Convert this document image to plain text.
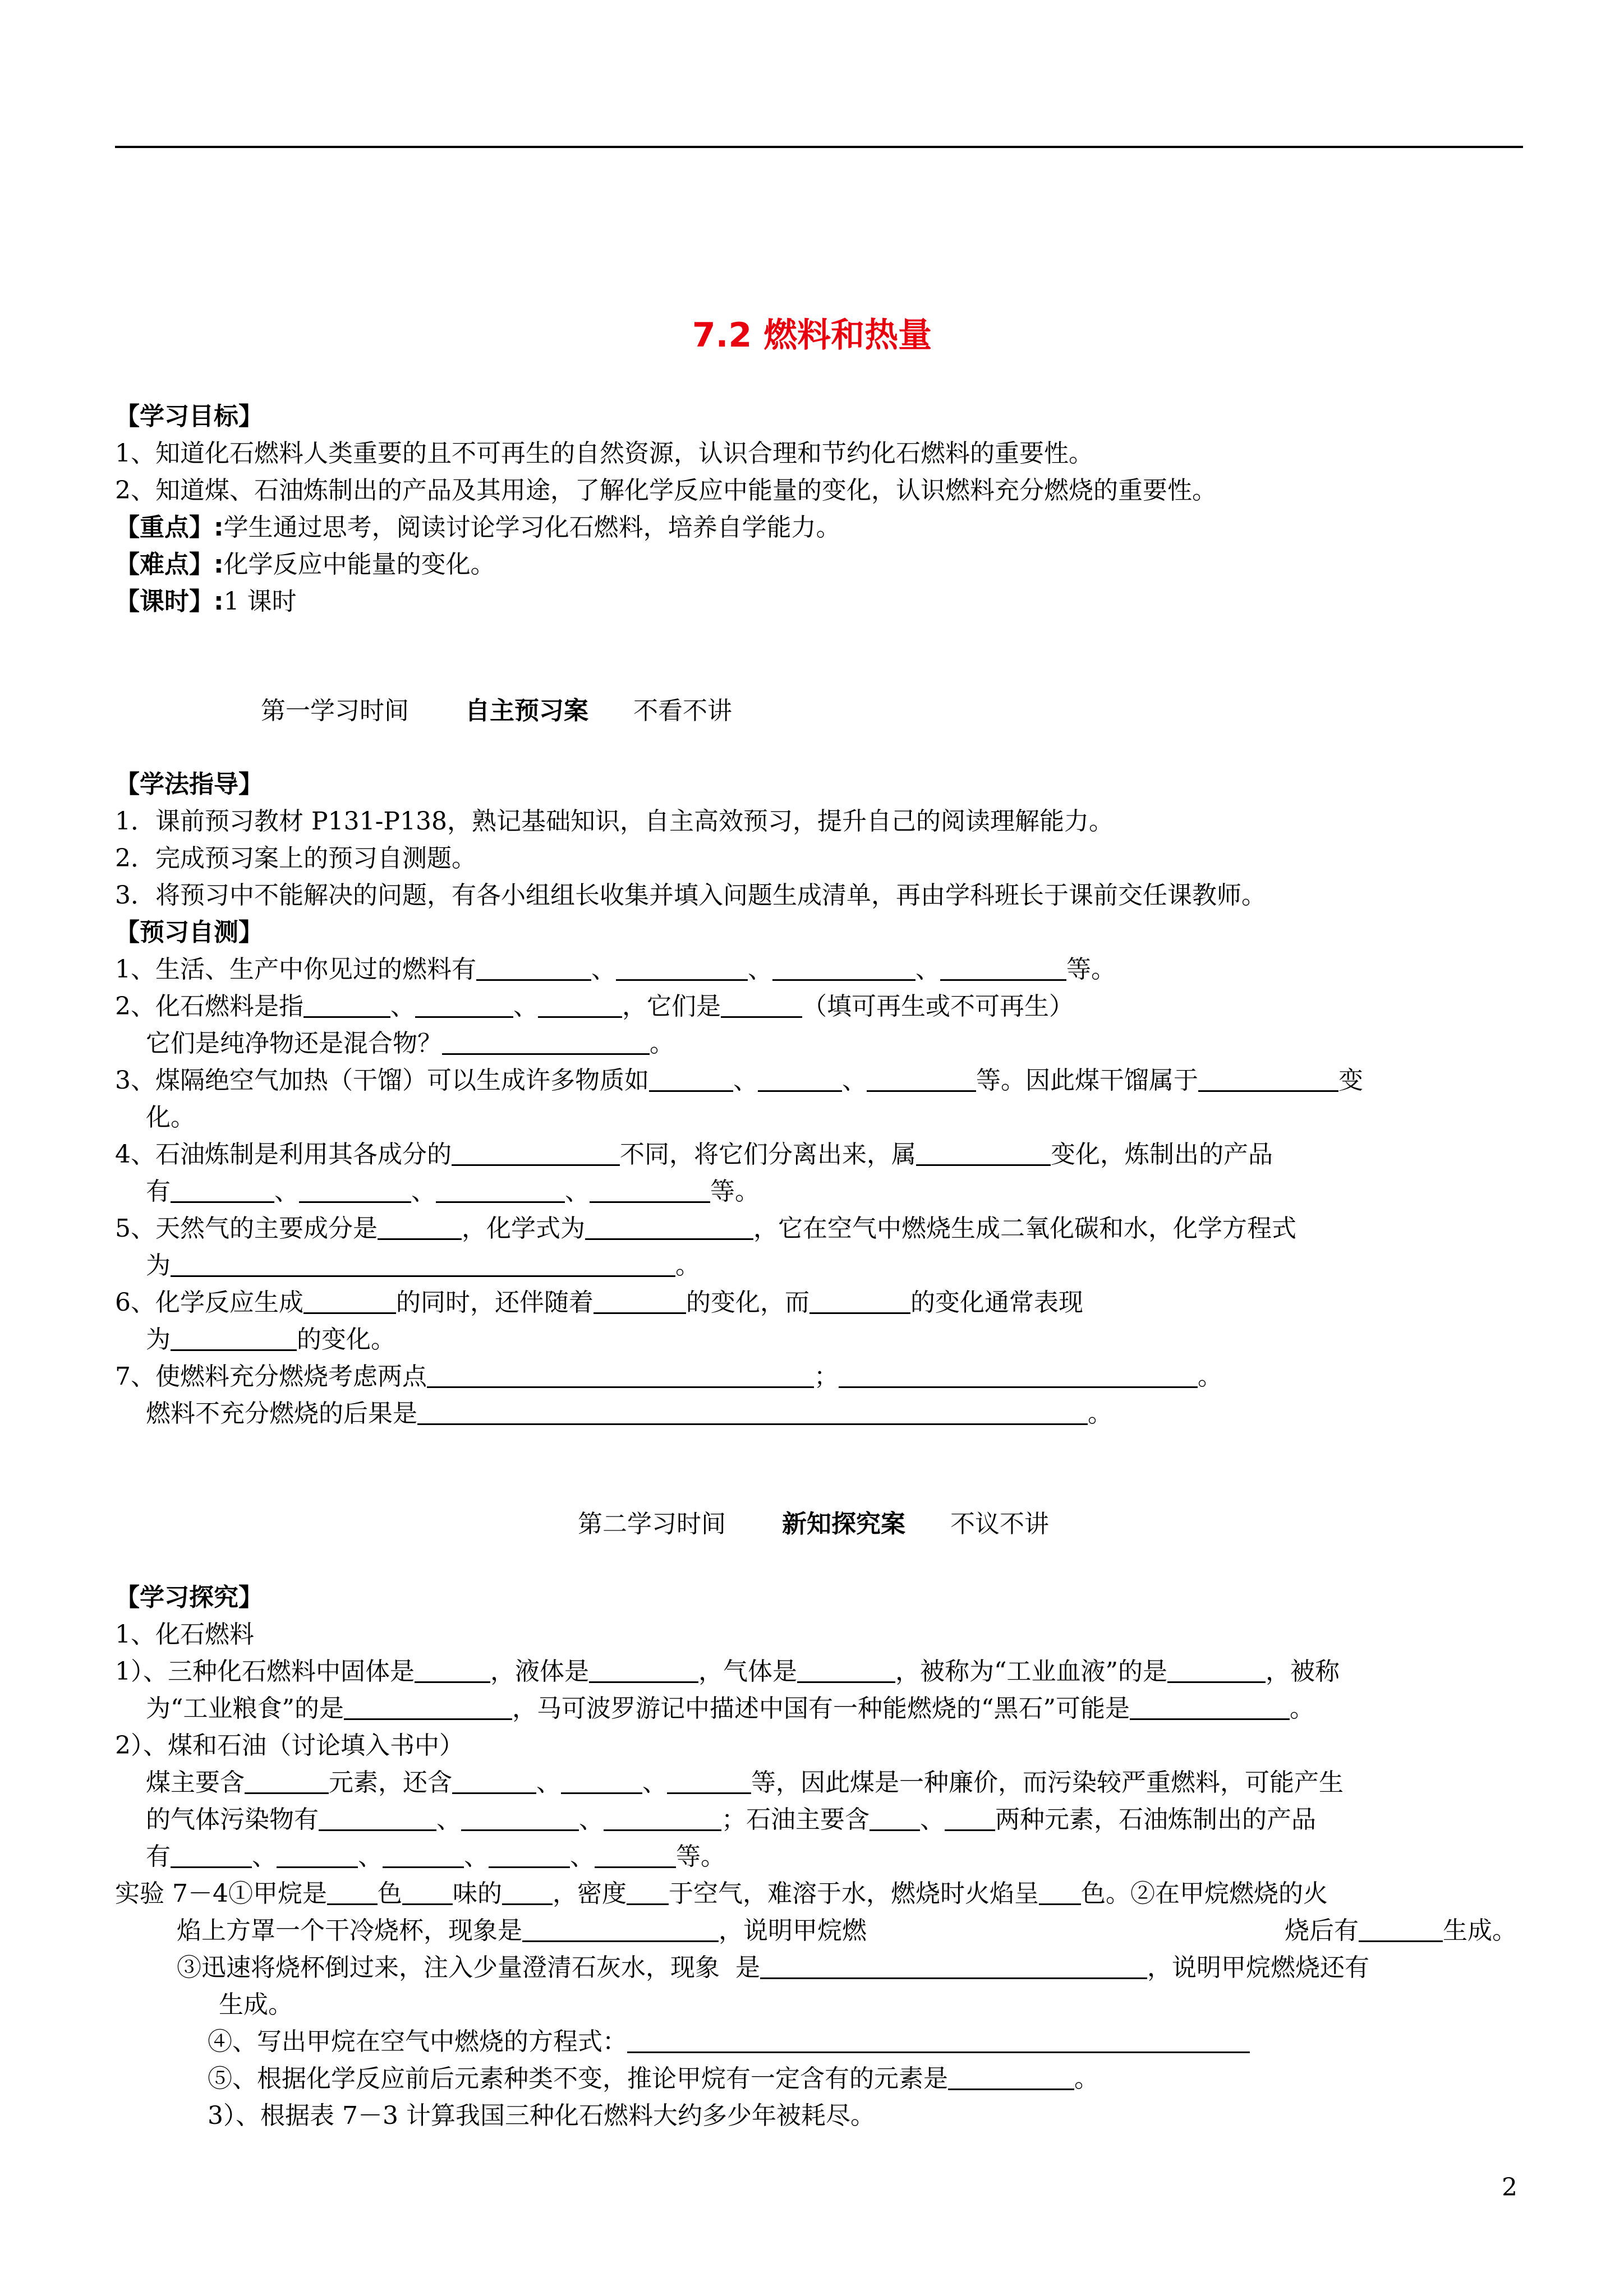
7.2 燃料和热量
【学习目标】
1、知道化石燃料人类重要的且不可再生的自然资源，认识合理和节约化石燃料的重要性。
2、知道煤、石油炼制出的产品及其用途，了解化学反应中能量的变化，认识燃料充分燃烧的重要性。
【重点】:学生通过思考，阅读讨论学习化石燃料，培养自学能力。
【难点】:化学反应中能量的变化。
【课时】:1 课时
第一学习时间 自主预习案 不看不讲
【学法指导】
1．课前预习教材 P131-P138，熟记基础知识，自主高效预习，提升自己的阅读理解能力。
2．完成预习案上的预习自测题。
3．将预习中不能解决的问题，有各小组组长收集并填入问题生成清单，再由学科班长于课前交任课教师。
【预习自测】
1、生活、生产中你见过的燃料有	、	、	、	等。
2、化石燃料是指	、	、	，它们是	（填可再生或不可再生）
它们是纯净物还是混合物？	。
3、煤隔绝空气加热（干馏）可以生成许多物质如	、	、	等。因此煤干馏属于	变
化。
4、石油炼制是利用其各成分的	不同，将它们分离出来，属	变化，炼制出的产品
有	、	、	、	等。
5、天然气的主要成分是	，化学式为	，它在空气中燃烧生成二氧化碳和水，化学方程式
为	。
6、化学反应生成	的同时，还伴随着	的变化，而	的变化通常表现
为	的变化。
7、使燃料充分燃烧考虑两点	；	。
燃料不充分燃烧的后果是	。
第二学习时间 新知探究案 不议不讲
【学习探究】
1、化石燃料
1）、三种化石燃料中固体是	，液体是	，气体是	，被称为“工业血液”的是	，被称
为“工业粮食”的是	，马可波罗游记中描述中国有一种能燃烧的“黑石”可能是	。
2）、煤和石油（讨论填入书中）
煤主要含	元素，还含	、	、	等，因此煤是一种廉价，而污染较严重燃料，可能产生
的气体污染物有	、	、	；石油主要含 、 两种元素，石油炼制出的产品
有	、	、	、	、	等。
实验 7－4①甲烷是 色 味的 ，密度 于空气，难溶于水，燃烧时火焰呈 色。②在甲烷燃烧的火
焰上方罩一个干冷烧杯，现象是	，说明甲烷燃	烧后有	生成。
③迅速将烧杯倒过来，注入少量澄清石灰水，现象  是	，说明甲烷燃烧还有
生成。
④、写出甲烷在空气中燃烧的方程式：
⑤、根据化学反应前后元素种类不变，推论甲烷有一定含有的元素是	。
3）、根据表 7－3 计算我国三种化石燃料大约多少年被耗尽。
2
